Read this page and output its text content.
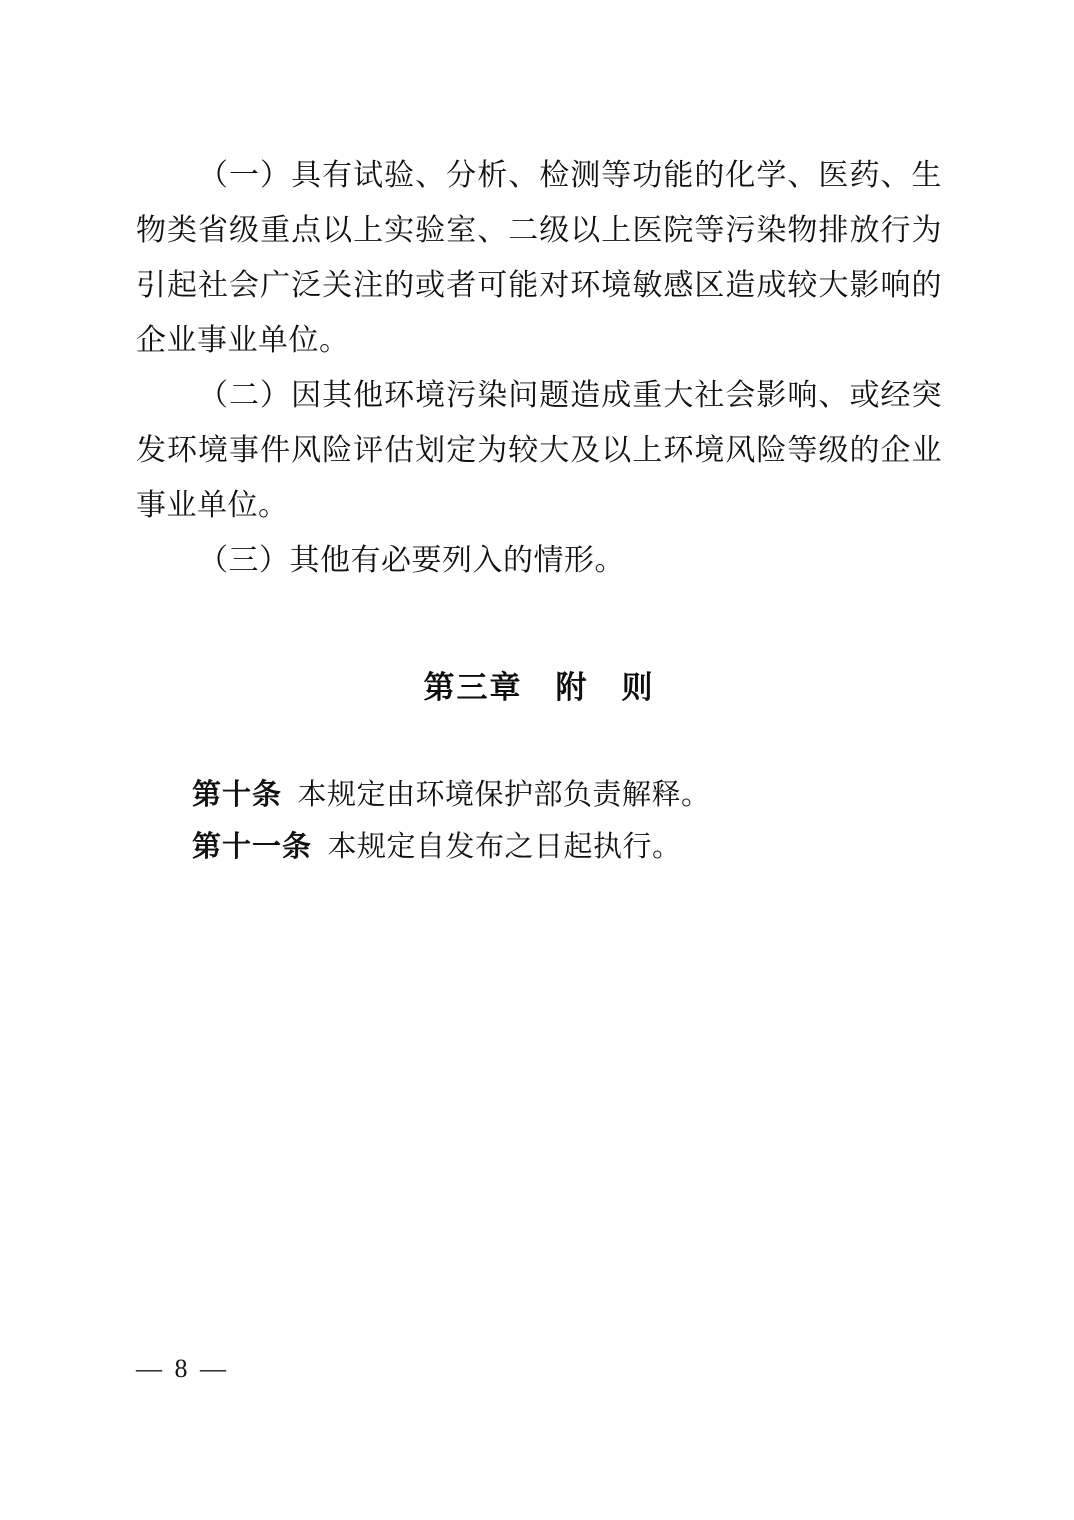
（一）具有试验、分析、检测等功能的化学、医药、生物类省级重点以上实验室、二级以上医院等污染物排放行为引起社会广泛关注的或者可能对环境敏感区造成较大影响的企业事业单位。

（二）因其他环境污染问题造成重大社会影响、或经突发环境事件风险评估划定为较大及以上环境风险等级的企业事业单位。

（三）其他有必要列入的情形。

第三章　附　则

第十条 本规定由环境保护部负责解释。

第十一条 本规定自发布之日起执行。

— 8 —
